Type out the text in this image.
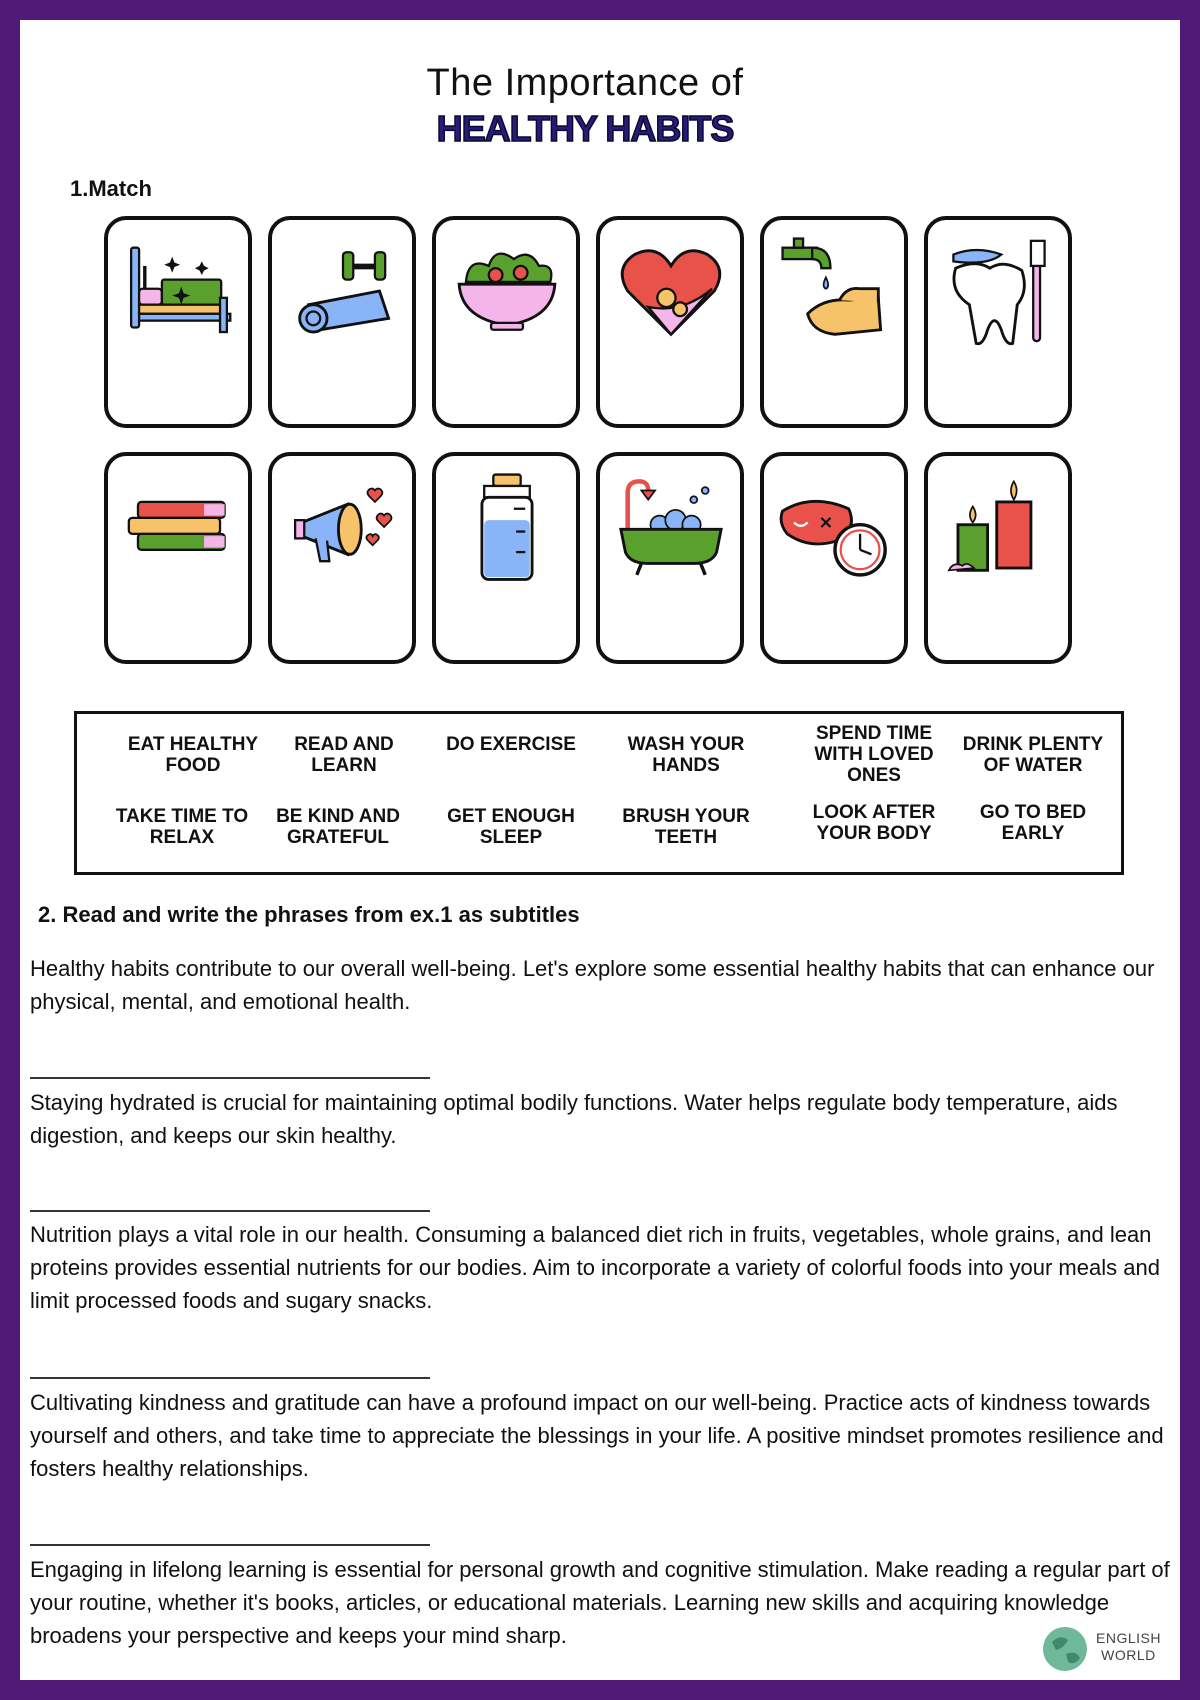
The Importance of
HEALTHY HABITS
1.Match
EAT HEALTHY FOOD
READ AND LEARN
DO EXERCISE	WASH YOUR HANDS
SPEND TIME WITH LOVED ONES
DRINK PLENTY OF WATER
TAKE TIME TO RELAX
BE KIND AND GRATEFUL
GET ENOUGH SLEEP
BRUSH YOUR TEETH
LOOK AFTER YOUR BODY
GO TO BED EARLY
2. Read and write the phrases from ex.1 as subtitles
Healthy habits contribute to our overall well-being. Let's explore some essential healthy habits that can enhance our physical, mental, and emotional health.
Staying hydrated is crucial for maintaining optimal bodily functions. Water helps regulate body temperature, aids digestion, and keeps our skin healthy.
Nutrition plays a vital role in our health. Consuming a balanced diet rich in fruits, vegetables, whole grains, and lean proteins provides essential nutrients for our bodies. Aim to incorporate a variety of colorful foods into your meals and limit processed foods and sugary snacks.
Cultivating kindness and gratitude can have a profound impact on our well-being. Practice acts of kindness towards yourself and others, and take time to appreciate the blessings in your life. A positive mindset promotes resilience and fosters healthy relationships.
Engaging in lifelong learning is essential for personal growth and cognitive stimulation. Make reading a regular part of your routine, whether it's books, articles, or educational materials. Learning new skills and acquiring knowledge broadens your perspective and keeps your mind sharp.	ENGLISH
WORLD
